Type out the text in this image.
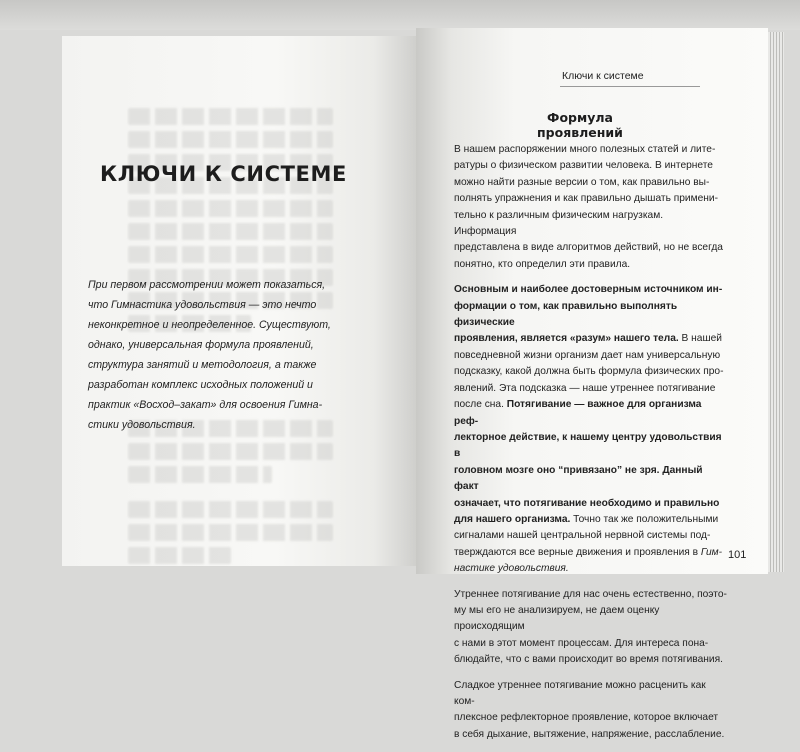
КЛЮЧИ К СИСТЕМЕ
При первом рассмотрении может показаться,
что Гимнастика удовольствия — это нечто
неконкретное и неопределенное. Существуют,
однако, универсальная формула проявлений,
структура занятий и методология, а также
разработан комплекс исходных положений и
практик «Восход–закат» для освоения Гимна-
стики удовольствия.
Ключи к системе
Формула проявлений
В нашем распоряжении много полезных статей и лите-
ратуры о физическом развитии человека. В интернете
можно найти разные версии о том, как правильно вы-
полнять упражнения и как правильно дышать примени-
тельно к различным физическим нагрузкам. Информация
представлена в виде алгоритмов действий, но не всегда
понятно, кто определил эти правила.
Основным и наиболее достоверным источником ин-
формации о том, как правильно выполнять физические
проявления, является «разум» нашего тела. В нашей
повседневной жизни организм дает нам универсальную
подсказку, какой должна быть формула физических про-
явлений. Эта подсказка — наше утреннее потягивание
после сна. Потягивание — важное для организма реф-
лекторное действие, к нашему центру удовольствия в
головном мозге оно “привязано” не зря. Данный факт
означает, что потягивание необходимо и правильно
для нашего организма. Точно так же положительными
сигналами нашей центральной нервной системы под-
тверждаются все верные движения и проявления в Гим-
настике удовольствия.
Утреннее потягивание для нас очень естественно, поэто-
му мы его не анализируем, не даем оценку происходящим
с нами в этот момент процессам. Для интереса пона-
блюдайте, что с вами происходит во время потягивания.
Сладкое утреннее потягивание можно расценить как ком-
плексное рефлекторное проявление, которое включает
в себя дыхание, вытяжение, напряжение, расслабление.
101
